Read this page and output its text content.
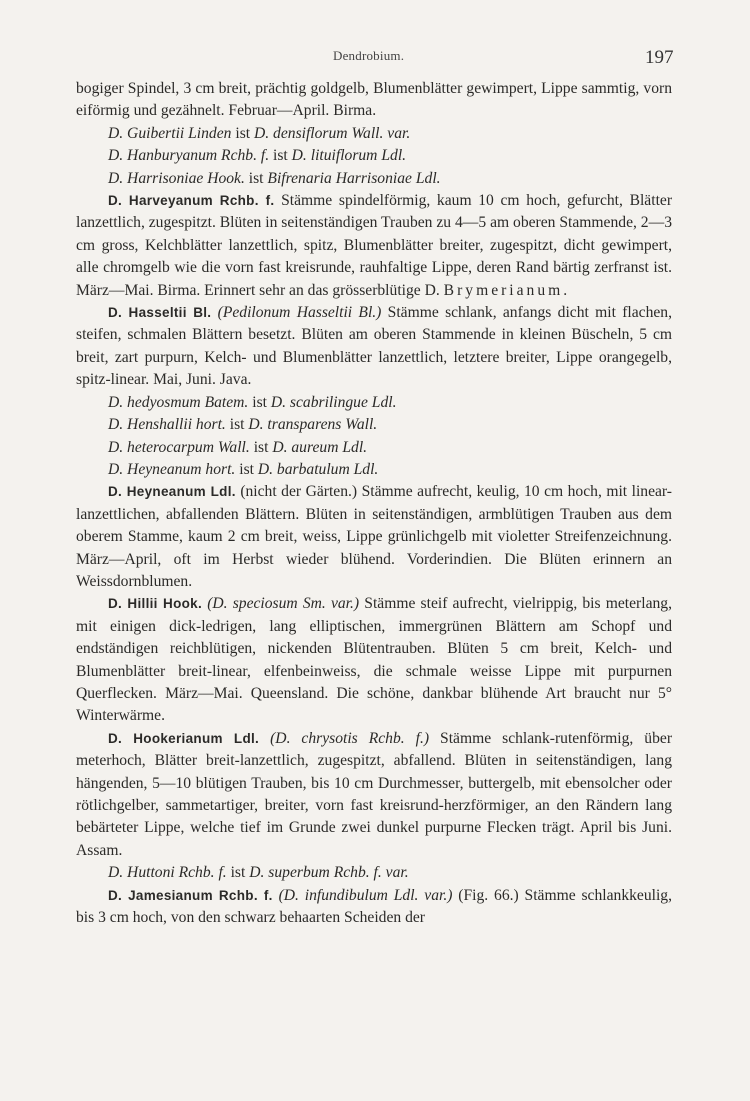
Dendrobium.	197

bogiger Spindel, 3 cm breit, prächtig goldgelb, Blumenblätter gewimpert, Lippe sammtig, vorn eiförmig und gezähnelt. Februar—April. Birma.

D. Guibertii Linden ist D. densiflorum Wall. var.

D. Hanburyanum Rchb. f. ist D. lituiflorum Ldl.

D. Harrisoniae Hook. ist Bifrenaria Harrisoniae Ldl.

D. Harveyanum Rchb. f. Stämme spindelförmig, kaum 10 cm hoch, gefurcht, Blätter lanzettlich, zugespitzt. Blüten in seitenständigen Trauben zu 4—5 am oberen Stammende, 2—3 cm gross, Kelchblätter lanzettlich, spitz, Blumenblätter breiter, zugespitzt, dicht gewimpert, alle chromgelb wie die vorn fast kreisrunde, rauhfaltige Lippe, deren Rand bärtig zerfranst ist. März—Mai. Birma. Erinnert sehr an das grösserblütige D. Brymerianum.

D. Hasseltii Bl. (Pedilonum Hasseltii Bl.) Stämme schlank, anfangs dicht mit flachen, steifen, schmalen Blättern besetzt. Blüten am oberen Stammende in kleinen Büscheln, 5 cm breit, zart purpurn, Kelch- und Blumenblätter lanzettlich, letztere breiter, Lippe orangegelb, spitz-linear. Mai, Juni. Java.

D. hedyosmum Batem. ist D. scabrilingue Ldl.

D. Henshallii hort. ist D. transparens Wall.

D. heterocarpum Wall. ist D. aureum Ldl.

D. Heyneanum hort. ist D. barbatulum Ldl.

D. Heyneanum Ldl. (nicht der Gärten.) Stämme aufrecht, keulig, 10 cm hoch, mit linear-lanzettlichen, abfallenden Blättern. Blüten in seitenständigen, armblütigen Trauben aus dem oberem Stamme, kaum 2 cm breit, weiss, Lippe grünlichgelb mit violetter Streifenzeichnung. März—April, oft im Herbst wieder blühend. Vorderindien. Die Blüten erinnern an Weissdornblumen.

D. Hillii Hook. (D. speciosum Sm. var.) Stämme steif aufrecht, vielrippig, bis meterlang, mit einigen dick-ledrigen, lang elliptischen, immergrünen Blättern am Schopf und endständigen reichblütigen, nickenden Blütentrauben. Blüten 5 cm breit, Kelch- und Blumenblätter breit-linear, elfenbeinweiss, die schmale weisse Lippe mit purpurnen Querflecken. März—Mai. Queensland. Die schöne, dankbar blühende Art braucht nur 5° Winterwärme.

D. Hookerianum Ldl. (D. chrysotis Rchb. f.) Stämme schlank-rutenförmig, über meterhoch, Blätter breit-lanzettlich, zugespitzt, abfallend. Blüten in seitenständigen, lang hängenden, 5—10 blütigen Trauben, bis 10 cm Durchmesser, buttergelb, mit ebensolcher oder rötlichgelber, sammetartiger, breiter, vorn fast kreisrund-herzförmiger, an den Rändern lang bebärteter Lippe, welche tief im Grunde zwei dunkel purpurne Flecken trägt. April bis Juni. Assam.

D. Huttoni Rchb. f. ist D. superbum Rchb. f. var.

D. Jamesianum Rchb. f. (D. infundibulum Ldl. var.) (Fig. 66.) Stämme schlankkeulig, bis 3 cm hoch, von den schwarz behaarten Scheiden der
